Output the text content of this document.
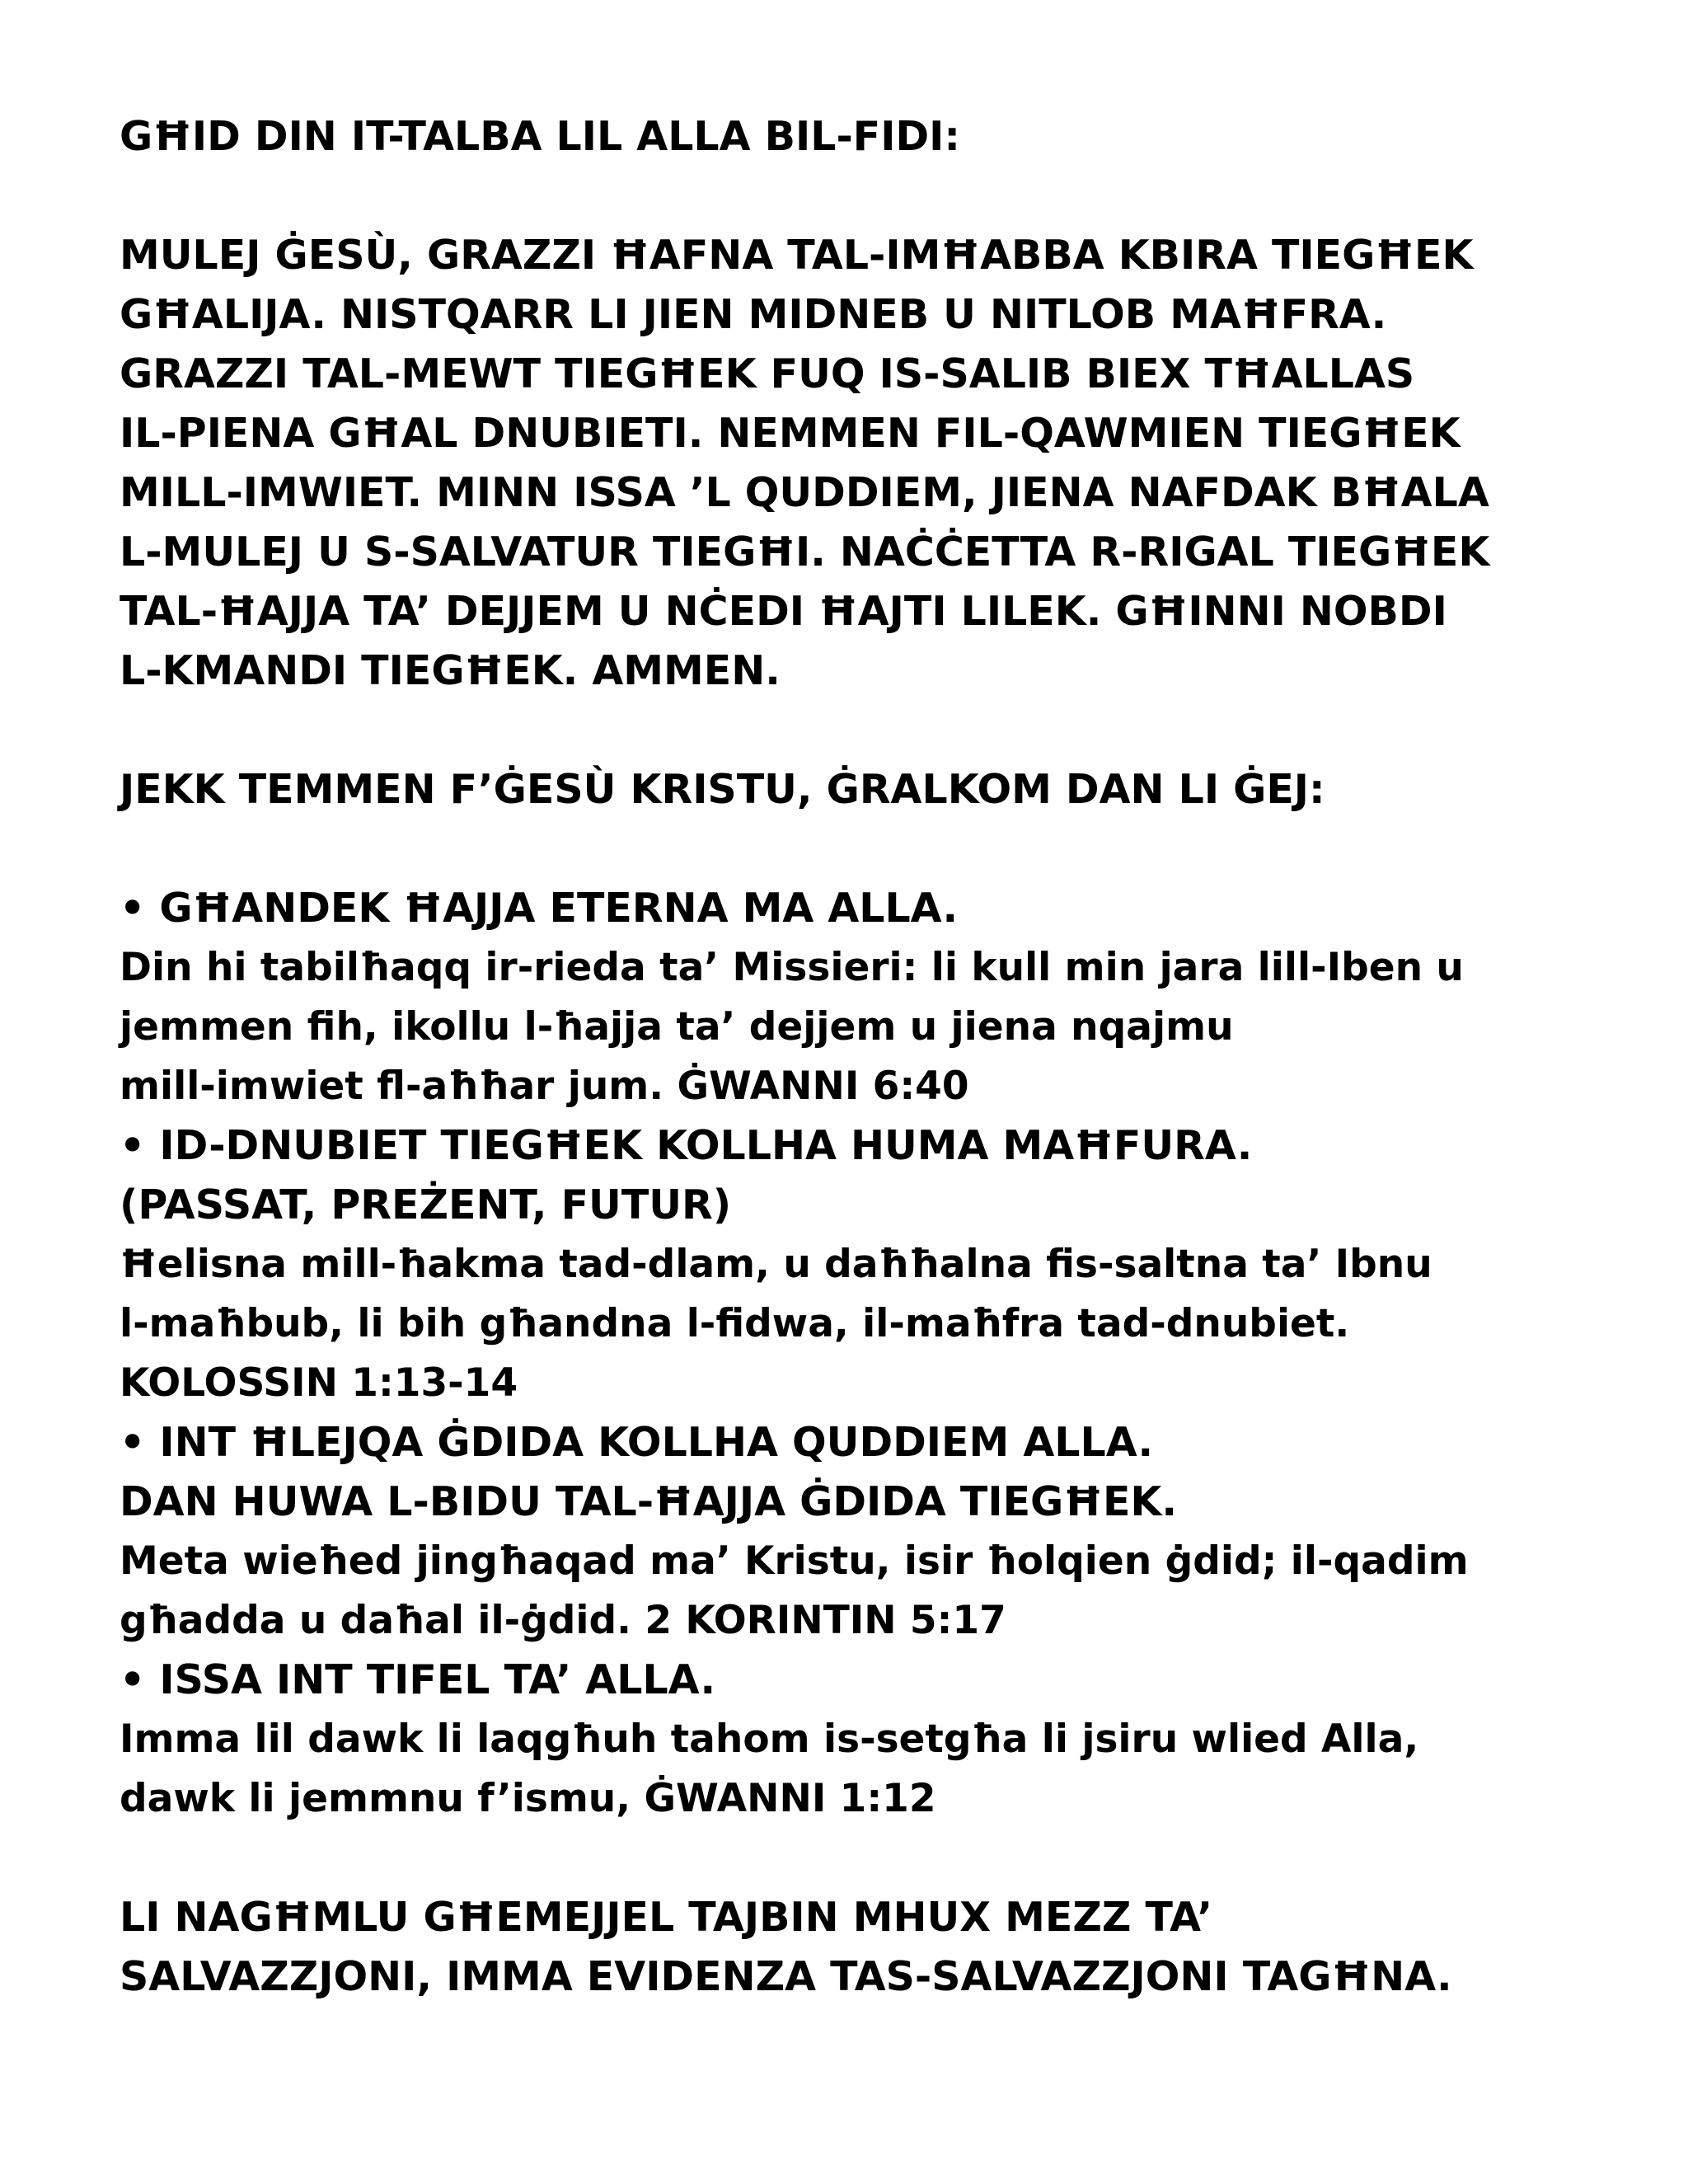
GĦID DIN IT-TALBA LIL ALLA BIL-FIDI:
MULEJ ĠESÙ, GRAZZI ĦAFNA TAL-IMĦABBA KBIRA TIEGĦEK
GĦALIJA. NISTQARR LI JIEN MIDNEB U NITLOB MAĦFRA.
GRAZZI TAL-MEWT TIEGĦEK FUQ IS-SALIB BIEX TĦALLAS
IL-PIENA GĦAL DNUBIETI. NEMMEN FIL-QAWMIEN TIEGĦEK
MILL-IMWIET. MINN ISSA ’L QUDDIEM, JIENA NAFDAK BĦALA
L-MULEJ U S-SALVATUR TIEGĦI. NAĊĊETTA R-RIGAL TIEGĦEK
TAL-ĦAJJA TA’ DEJJEM U NĊEDI ĦAJTI LILEK. GĦINNI NOBDI
L-KMANDI TIEGĦEK. AMMEN.
JEKK TEMMEN F’ĠESÙ KRISTU, ĠRALKOM DAN LI ĠEJ:
• GĦANDEK ĦAJJA ETERNA MA ALLA.
Din hi tabilħaqq ir-rieda ta’ Missieri: li kull min jara lill-Iben u
jemmen fih, ikollu l-ħajja ta’ dejjem u jiena nqajmu
mill-imwiet fl-aħħar jum. ĠWANNI 6:40
• ID-DNUBIET TIEGĦEK KOLLHA HUMA MAĦFURA.
(PASSAT, PREŻENT, FUTUR)
Ħelisna mill-ħakma tad-dlam, u daħħalna fis-saltna ta’ Ibnu
l-maħbub, li bih għandna l-fidwa, il-maħfra tad-dnubiet.
KOLOSSIN 1:13-14
• INT ĦLEJQA ĠDIDA KOLLHA QUDDIEM ALLA.
DAN HUWA L-BIDU TAL-ĦAJJA ĠDIDA TIEGĦEK.
Meta wieħed jingħaqad ma’ Kristu, isir ħolqien ġdid; il-qadim
għadda u daħal il-ġdid. 2 KORINTIN 5:17
• ISSA INT TIFEL TA’ ALLA.
Imma lil dawk li laqgħuh tahom is-setgħa li jsiru wlied Alla,
dawk li jemmnu f’ismu, ĠWANNI 1:12
LI NAGĦMLU GĦEMEJJEL TAJBIN MHUX MEZZ TA’
SALVAZZJONI, IMMA EVIDENZA TAS-SALVAZZJONI TAGĦNA.
